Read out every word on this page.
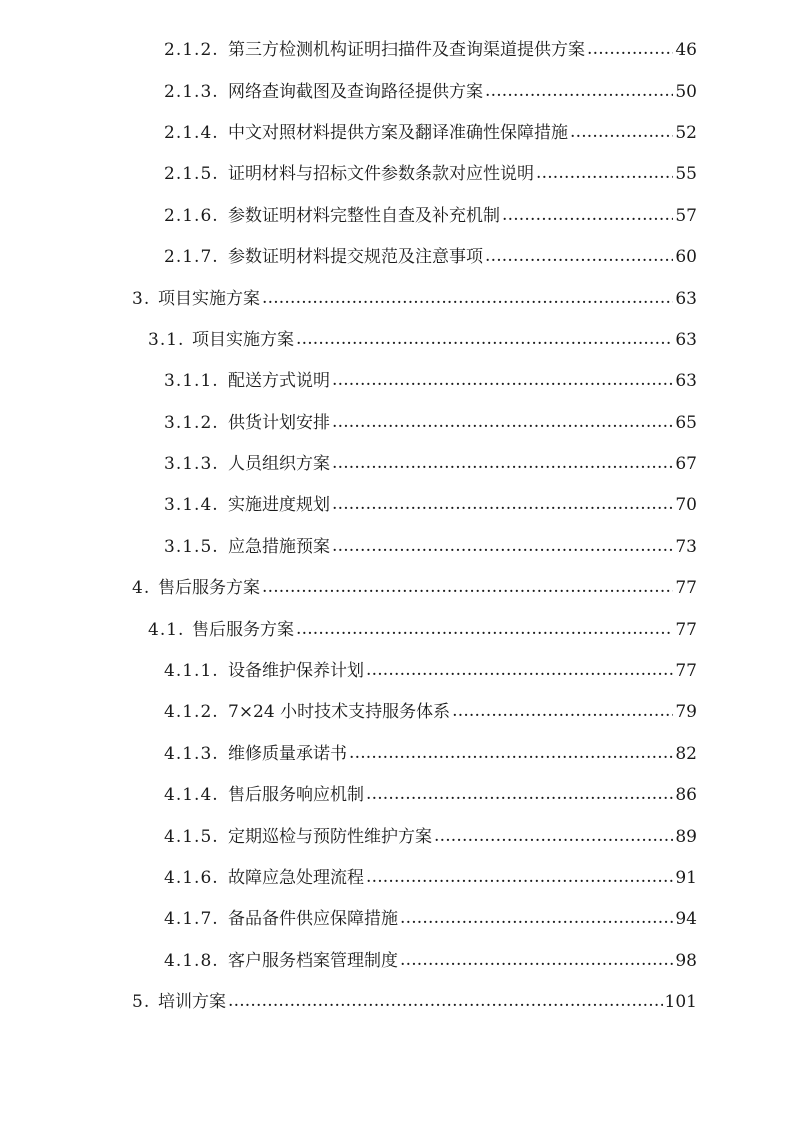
2.1.2. 第三方检测机构证明扫描件及查询渠道提供方案 .....	46
2.1.3. 网络查询截图及查询路径提供方案 .....	50
2.1.4. 中文对照材料提供方案及翻译准确性保障措施 .....	52
2.1.5. 证明材料与招标文件参数条款对应性说明 .....	55
2.1.6. 参数证明材料完整性自查及补充机制 .....	57
2.1.7. 参数证明材料提交规范及注意事项 .....	60
3. 项目实施方案 .....	63
3.1. 项目实施方案 .....	63
3.1.1. 配送方式说明 .....	63
3.1.2. 供货计划安排 .....	65
3.1.3. 人员组织方案 .....	67
3.1.4. 实施进度规划 .....	70
3.1.5. 应急措施预案 .....	73
4. 售后服务方案 .....	77
4.1. 售后服务方案 .....	77
4.1.1. 设备维护保养计划 .....	77
4.1.2. 7×24 小时技术支持服务体系 .....	79
4.1.3. 维修质量承诺书 .....	82
4.1.4. 售后服务响应机制 .....	86
4.1.5. 定期巡检与预防性维护方案 .....	89
4.1.6. 故障应急处理流程 .....	91
4.1.7. 备品备件供应保障措施 .....	94
4.1.8. 客户服务档案管理制度 .....	98
5. 培训方案 .....	101
